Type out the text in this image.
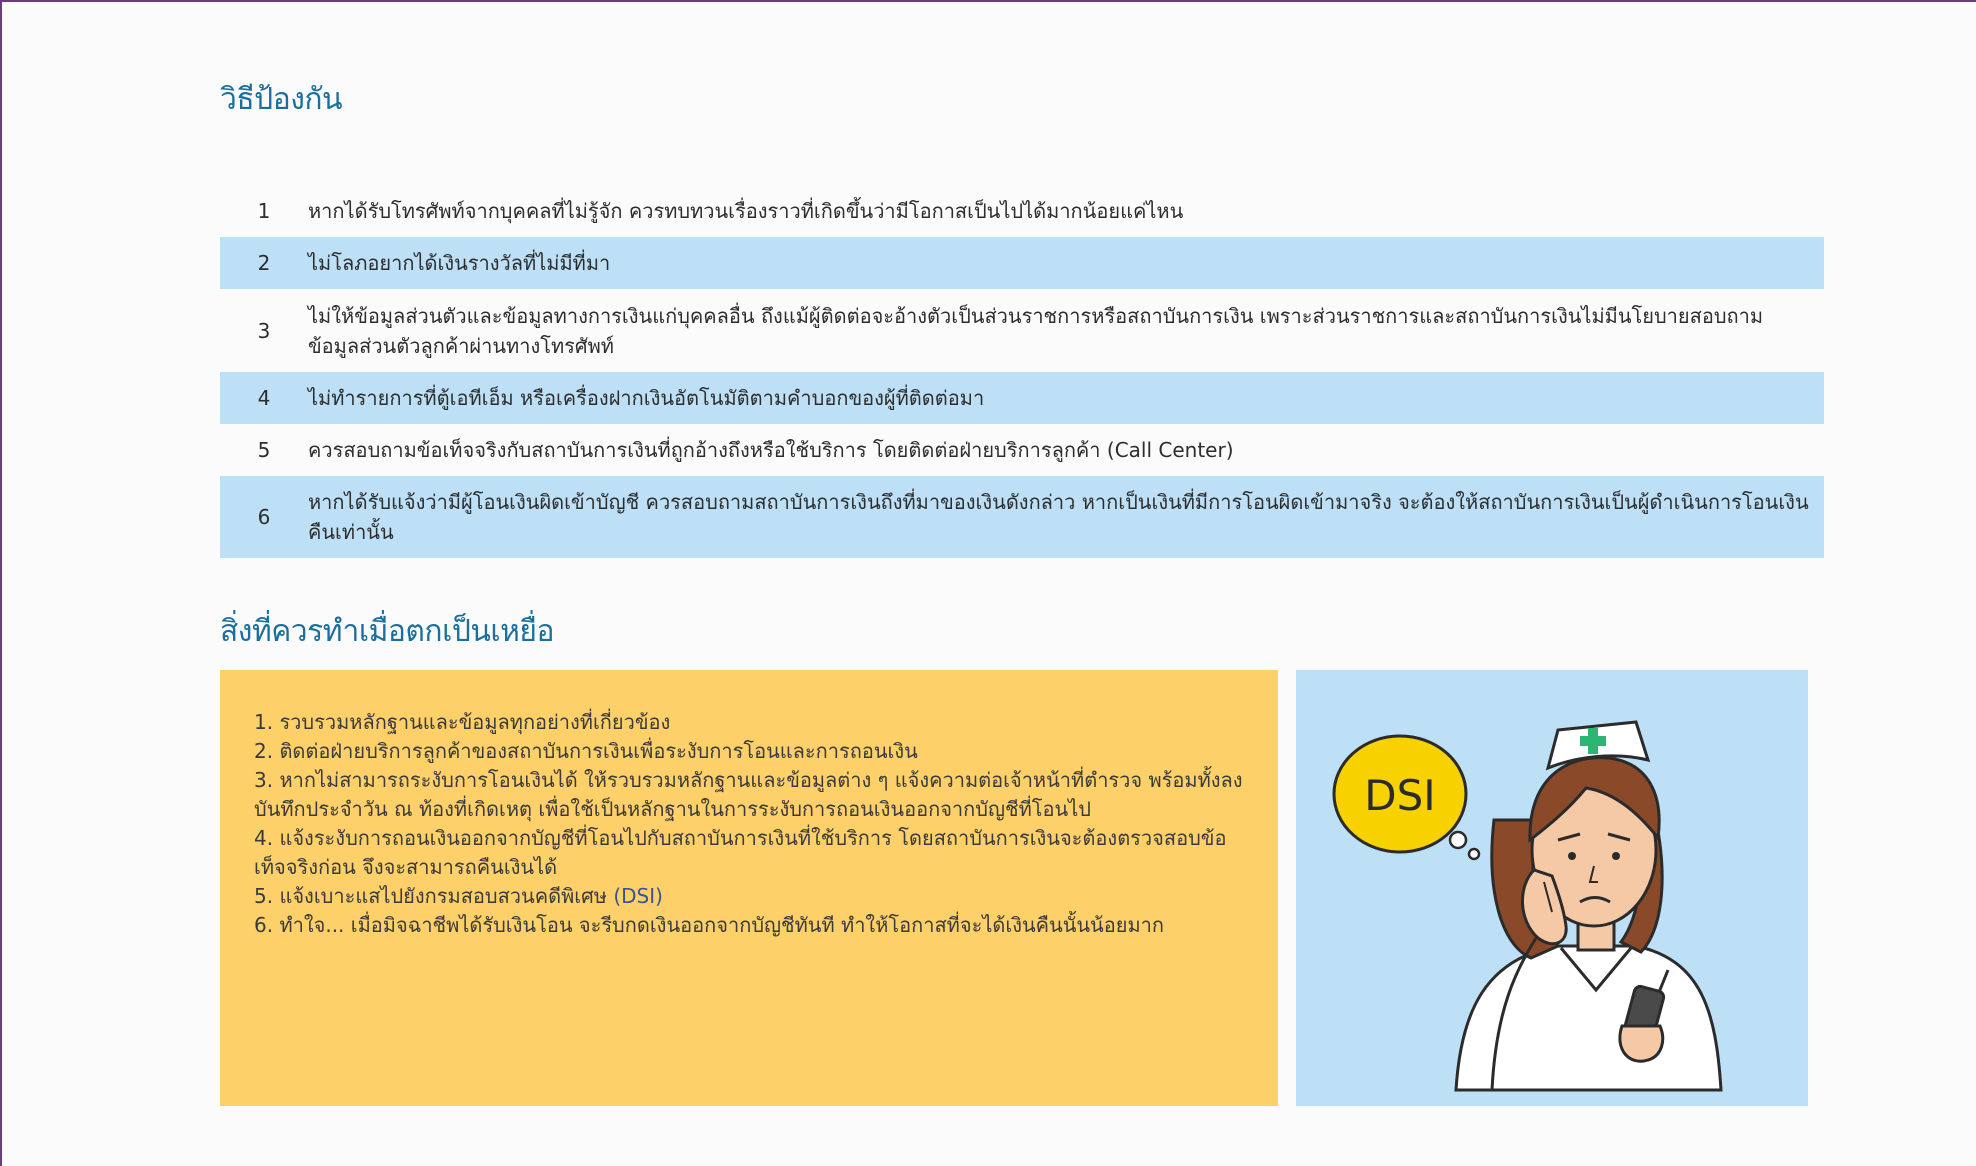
วิธีป้องกัน
1	หากได้รับโทรศัพท์จากบุคคลที่ไม่รู้จัก ควรทบทวนเรื่องราวที่เกิดขึ้นว่ามีโอกาสเป็นไปได้มากน้อยแค่ไหน
2	ไม่โลภอยากได้เงินรางวัลที่ไม่มีที่มา
3	ไม่ให้ข้อมูลส่วนตัวและข้อมูลทางการเงินแก่บุคคลอื่น ถึงแม้ผู้ติดต่อจะอ้างตัวเป็นส่วนราชการหรือสถาบันการเงิน เพราะส่วนราชการและสถาบันการเงินไม่มีนโยบายสอบถามข้อมูลส่วนตัวลูกค้าผ่านทางโทรศัพท์
4	ไม่ทำรายการที่ตู้เอทีเอ็ม หรือเครื่องฝากเงินอัตโนมัติตามคำบอกของผู้ที่ติดต่อมา
5	ควรสอบถามข้อเท็จจริงกับสถาบันการเงินที่ถูกอ้างถึงหรือใช้บริการ โดยติดต่อฝ่ายบริการลูกค้า (Call Center)
6	หากได้รับแจ้งว่ามีผู้โอนเงินผิดเข้าบัญชี ควรสอบถามสถาบันการเงินถึงที่มาของเงินดังกล่าว หากเป็นเงินที่มีการโอนผิดเข้ามาจริง จะต้องให้สถาบันการเงินเป็นผู้ดำเนินการโอนเงินคืนเท่านั้น
สิ่งที่ควรทำเมื่อตกเป็นเหยื่อ

1. รวบรวมหลักฐานและข้อมูลทุกอย่างที่เกี่ยวข้อง

2. ติดต่อฝ่ายบริการลูกค้าของสถาบันการเงินเพื่อระงับการโอนและการถอนเงิน

3. หากไม่สามารถระงับการโอนเงินได้ ให้รวบรวมหลักฐานและข้อมูลต่าง ๆ แจ้งความต่อเจ้าหน้าที่ตำรวจ พร้อมทั้งลงบันทึกประจำวัน ณ ท้องที่เกิดเหตุ เพื่อใช้เป็นหลักฐานในการระงับการถอนเงินออกจากบัญชีที่โอนไป

4. แจ้งระงับการถอนเงินออกจากบัญชีที่โอนไปกับสถาบันการเงินที่ใช้บริการ โดยสถาบันการเงินจะต้องตรวจสอบข้อเท็จจริงก่อน จึงจะสามารถคืนเงินได้

5. แจ้งเบาะแสไปยังกรมสอบสวนคดีพิเศษ (DSI)

6. ทำใจ... เมื่อมิจฉาชีพได้รับเงินโอน จะรีบกดเงินออกจากบัญชีทันที ทำให้โอกาสที่จะได้เงินคืนนั้นน้อยมาก

DSI
